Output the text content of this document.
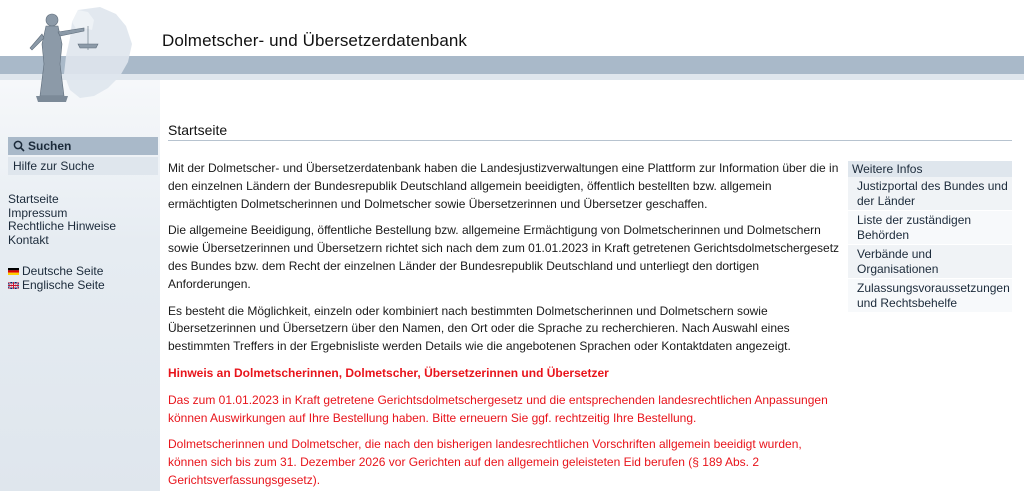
Dolmetscher- und Übersetzerdatenbank
Suchen
Hilfe zur Suche
Startseite
Impressum
Rechtliche Hinweise
Kontakt
Deutsche Seite
Englische Seite
Startseite

Mit der Dolmetscher- und Übersetzerdatenbank haben die Landesjustizverwaltungen eine Plattform zur Information über die in den einzelnen Ländern der Bundesrepublik Deutschland allgemein beeidigten, öffentlich bestellten bzw. allgemein ermächtigten Dolmetscherinnen und Dolmetscher sowie Übersetzerinnen und Übersetzer geschaffen.

Die allgemeine Beeidigung, öffentliche Bestellung bzw. allgemeine Ermächtigung von Dolmetscherinnen und Dolmetschern sowie Übersetzerinnen und Übersetzern richtet sich nach dem zum 01.01.2023 in Kraft getretenen Gerichtsdolmetschergesetz des Bundes bzw. dem Recht der einzelnen Länder der Bundesrepublik Deutschland und unterliegt den dortigen Anforderungen.

Es besteht die Möglichkeit, einzeln oder kombiniert nach bestimmten Dolmetscherinnen und Dolmetschern sowie Übersetzerinnen und Übersetzern über den Namen, den Ort oder die Sprache zu recherchieren. Nach Auswahl eines bestimmten Treffers in der Ergebnisliste werden Details wie die angebotenen Sprachen oder Kontaktdaten angezeigt.

Hinweis an Dolmetscherinnen, Dolmetscher, Übersetzerinnen und Übersetzer

Das zum 01.01.2023 in Kraft getretene Gerichtsdolmetschergesetz und die entsprechenden landesrechtlichen Anpassungen können Auswirkungen auf Ihre Bestellung haben. Bitte erneuern Sie ggf. rechtzeitig Ihre Bestellung.

Dolmetscherinnen und Dolmetscher, die nach den bisherigen landesrechtlichen Vorschriften allgemein beeidigt wurden, können sich bis zum 31. Dezember 2026 vor Gerichten auf den allgemein geleisteten Eid berufen (§ 189 Abs. 2 Gerichtsverfassungsgesetz).

Weitere Infos
Justizportal des Bundes und der Länder
Liste der zuständigen Behörden
Verbände und Organisationen
Zulassungsvoraussetzungen und Rechtsbehelfe
